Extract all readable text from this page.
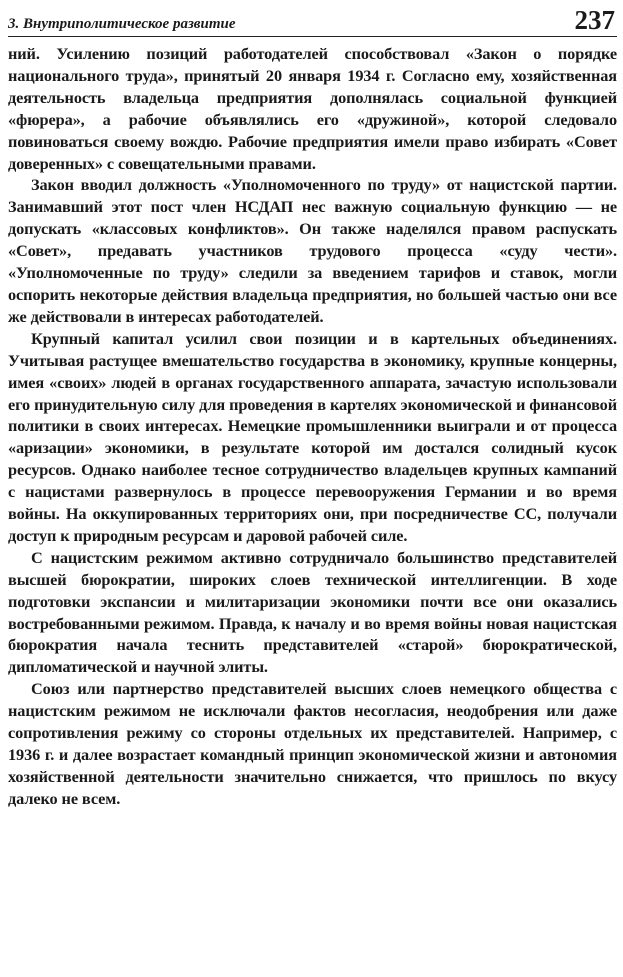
3. Внутриполитическое развитие	237

ний. Усилению позиций работодателей способствовал «Закон о порядке национального труда», принятый 20 января 1934 г. Согласно ему, хозяйственная деятельность владельца предприятия дополнялась социальной функцией «фюрера», а рабочие объявлялись его «дружиной», которой следовало повиноваться своему вождю. Рабочие предприятия имели право избирать «Совет доверенных» с совещательными правами.

Закон вводил должность «Уполномоченного по труду» от нацистской партии. Занимавший этот пост член НСДАП нес важную социальную функцию — не допускать «классовых конфликтов». Он также наделялся правом распускать «Совет», предавать участников трудового процесса «суду чести». «Уполномоченные по труду» следили за введением тарифов и ставок, могли оспорить некоторые действия владельца предприятия, но большей частью они все же действовали в интересах работодателей.

Крупный капитал усилил свои позиции и в картельных объединениях. Учитывая растущее вмешательство государства в экономику, крупные концерны, имея «своих» людей в органах государственного аппарата, зачастую использовали его принудительную силу для проведения в картелях экономической и финансовой политики в своих интересах. Немецкие промышленники выиграли и от процесса «аризации» экономики, в результате которой им достался солидный кусок ресурсов. Однако наиболее тесное сотрудничество владельцев крупных кампаний с нацистами развернулось в процессе перевооружения Германии и во время войны. На оккупированных территориях они, при посредничестве СС, получали доступ к природным ресурсам и даровой рабочей силе.

С нацистским режимом активно сотрудничало большинство представителей высшей бюрократии, широких слоев технической интеллигенции. В ходе подготовки экспансии и милитаризации экономики почти все они оказались востребованными режимом. Правда, к началу и во время войны новая нацистская бюрократия начала теснить представителей «старой» бюрократической, дипломатической и научной элиты.

Союз или партнерство представителей высших слоев немецкого общества с нацистским режимом не исключали фактов несогласия, неодобрения или даже сопротивления режиму со стороны отдельных их представителей. Например, с 1936 г. и далее возрастает командный принцип экономической жизни и автономия хозяйственной деятельности значительно снижается, что пришлось по вкусу далеко не всем.
